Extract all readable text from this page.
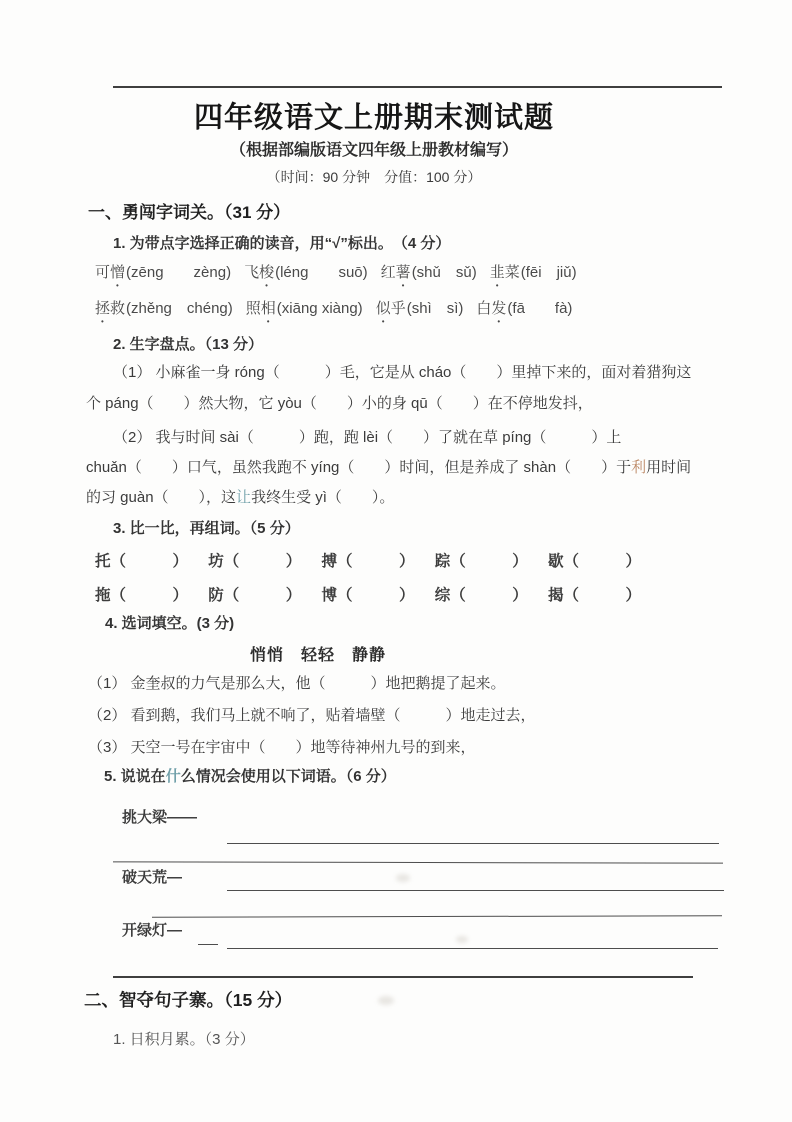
四年级语文上册期末测试题
（根据部编版语文四年级上册教材编写）
（时间：90 分钟　分值：100 分）
一、勇闯字词关。（31 分）
1. 为带点字选择正确的读音，用“√”标出。　（4 分）
可憎(zēng　　zèng) 飞梭(léng　　suō) 红薯(shǔ　sǔ) 韭菜(fēi　jiǔ)
拯救(zhěng　chéng) 照相(xiāng xiàng) 似乎(shì　sì) 白发(fā　　fà)
2. 生字盘点。（13 分）
（1） 小麻雀一身 róng（　　　）毛，它是从 cháo（　　）里掉下来的，面对着猎狗这
个 páng（　　）然大物，它 yòu（　　）小的身 qū（　　）在不停地发抖，
（2） 我与时间 sài（　　　）跑，跑 lèi（　　）了就在草 píng（　　　）上
chuǎn（　　）口气，虽然我跑不 yíng（　　）时间，但是养成了 shàn（　　）于利用时间
的习 guàn（　　），这让我终生受 yì（　　）。
3. 比一比，再组词。（5 分）
托（　　　） 坊（　　　） 搏（　　　） 踪（　　　） 歇（　　　）
拖（　　　） 防（　　　） 博（　　　） 综（　　　） 揭（　　　）
4. 选词填空。(3 分)
悄悄　轻轻　静静
（1） 金奎叔的力气是那么大，他（　　　）地把鹅提了起来。
（2） 看到鹅，我们马上就不响了，贴着墙壁（　　　）地走过去，
（3） 天空一号在宇宙中（　　）地等待神州九号的到来，
5. 说说在什么情况会使用以下词语。（6 分）
挑大梁——
破天荒—
开绿灯—
二、智夺句子寨。（15 分）
1. 日积月累。（3 分）
